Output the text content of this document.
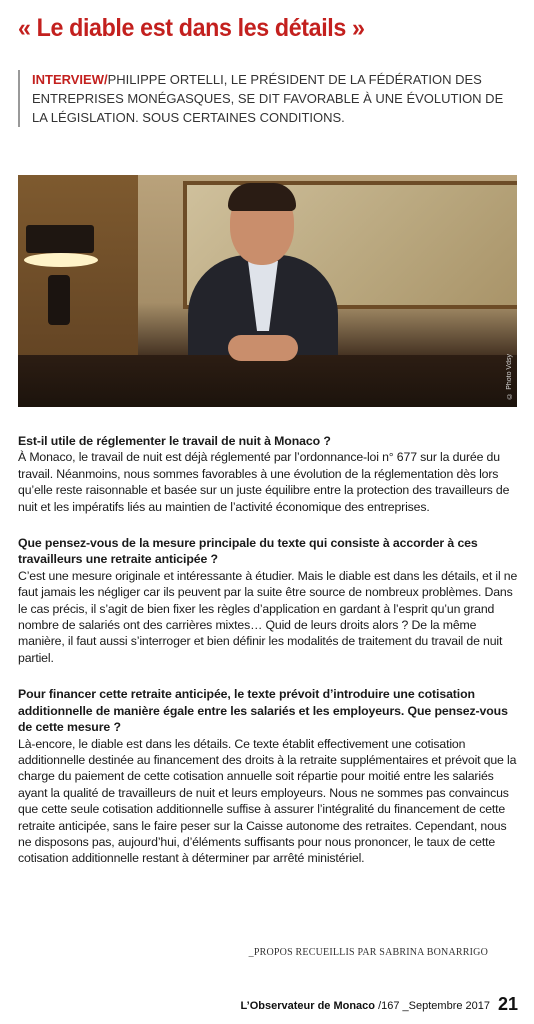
« Le diable est dans les détails »
INTERVIEW/PHILIPPE ORTELLI, LE PRÉSIDENT DE LA FÉDÉRATION DES ENTREPRISES MONÉGASQUES, SE DIT FAVORABLE À UNE ÉVOLUTION DE LA LÉGISLATION. SOUS CERTAINES CONDITIONS.
© Photo Vdsy

Est-il utile de réglementer le travail de nuit à Monaco ?

À Monaco, le travail de nuit est déjà réglementé par l’ordonnance-loi n° 677 sur la durée du travail. Néanmoins, nous sommes favorables à une évolution de la réglementation dès lors qu’elle reste raisonnable et basée sur un juste équilibre entre la protection des travailleurs de nuit et les impératifs liés au maintien de l’activité économique des entreprises.

Que pensez-vous de la mesure principale du texte qui consiste à accorder à ces travailleurs une retraite anticipée ?

C’est une mesure originale et intéressante à étudier. Mais le diable est dans les détails, et il ne faut jamais les négliger car ils peuvent par la suite être source de nombreux problèmes. Dans le cas précis, il s’agit de bien fixer les règles d’application en gardant à l’esprit qu’un grand nombre de salariés ont des carrières mixtes… Quid de leurs droits alors ? De la même manière, il faut aussi s’interroger et bien définir les modalités de traitement du travail de nuit partiel.

Pour financer cette retraite anticipée, le texte prévoit d’introduire une cotisation additionnelle de manière égale entre les salariés et les employeurs. Que pensez-vous de cette mesure ?

Là-encore, le diable est dans les détails. Ce texte établit effectivement une cotisation additionnelle destinée au financement des droits à la retraite supplémentaires et prévoit que la charge du paiement de cette cotisation annuelle soit répartie pour moitié entre les salariés ayant la qualité de travailleurs de nuit et leurs employeurs. Nous ne sommes pas convaincus que cette seule cotisation additionnelle suffise à assurer l’intégralité du financement de cette retraite anticipée, sans le faire peser sur la Caisse autonome des retraites. Cependant, nous ne disposons pas, aujourd’hui, d’éléments suffisants pour nous prononcer, le taux de cette cotisation additionnelle restant à déterminer par arrêté ministériel.

_PROPOS RECUEILLIS PAR SABRINA BONARRIGO
L’Observateur de Monaco /167 _Septembre 2017 21
